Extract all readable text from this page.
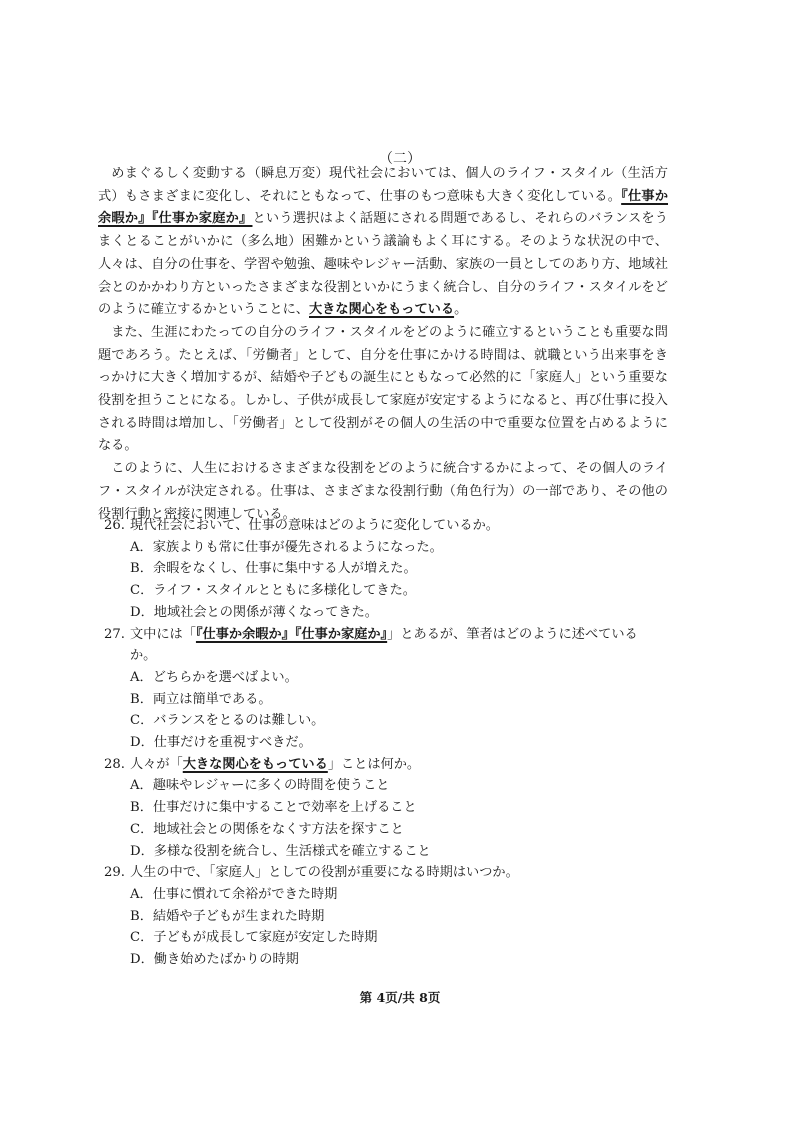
（二）

めまぐるしく変動する（瞬息万変）現代社会においては、個人のライフ・スタイル（生活方式）もさまざまに変化し、それにともなって、仕事のもつ意味も大きく変化している。『仕事か余暇か』『仕事か家庭か』という選択はよく話題にされる問題であるし、それらのバランスをうまくとることがいかに（多么地）困難かという議論もよく耳にする。そのような状況の中で、人々は、自分の仕事を、学習や勉強、趣味やレジャー活動、家族の一員としてのあり方、地域社会とのかかわり方といったさまざまな役割といかにうまく統合し、自分のライフ・スタイルをどのように確立するかということに、大きな関心をもっている。

また、生涯にわたっての自分のライフ・スタイルをどのように確立するということも重要な問題であろう。たとえば、「労働者」として、自分を仕事にかける時間は、就職という出来事をきっかけに大きく増加するが、結婚や子どもの誕生にともなって必然的に「家庭人」という重要な役割を担うことになる。しかし、子供が成長して家庭が安定するようになると、再び仕事に投入される時間は増加し、「労働者」として役割がその個人の生活の中で重要な位置を占めるようになる。

このように、人生におけるさまざまな役割をどのように統合するかによって、その個人のライフ・スタイルが決定される。仕事は、さまざまな役割行動（角色行为）の一部であり、その他の役割行動と密接に関連している。

26. 現代社会において、仕事の意味はどのように変化しているか。
A．家族よりも常に仕事が優先されるようになった。
B．余暇をなくし、仕事に集中する人が増えた。
C．ライフ・スタイルとともに多様化してきた。
D．地域社会との関係が薄くなってきた。
27. 文中には「『仕事か余暇か』『仕事か家庭か』」とあるが、筆者はどのように述べているか。
A．どちらかを選べばよい。
B．両立は簡単である。
C．バランスをとるのは難しい。
D．仕事だけを重視すべきだ。
28. 人々が「大きな関心をもっている」ことは何か。
A．趣味やレジャーに多くの時間を使うこと
B．仕事だけに集中することで効率を上げること
C．地域社会との関係をなくす方法を探すこと
D．多様な役割を統合し、生活様式を確立すること
29. 人生の中で、「家庭人」としての役割が重要になる時期はいつか。
A．仕事に慣れて余裕ができた時期
B．結婚や子どもが生まれた時期
C．子どもが成長して家庭が安定した時期
D．働き始めたばかりの時期
第 4页/共 8页
